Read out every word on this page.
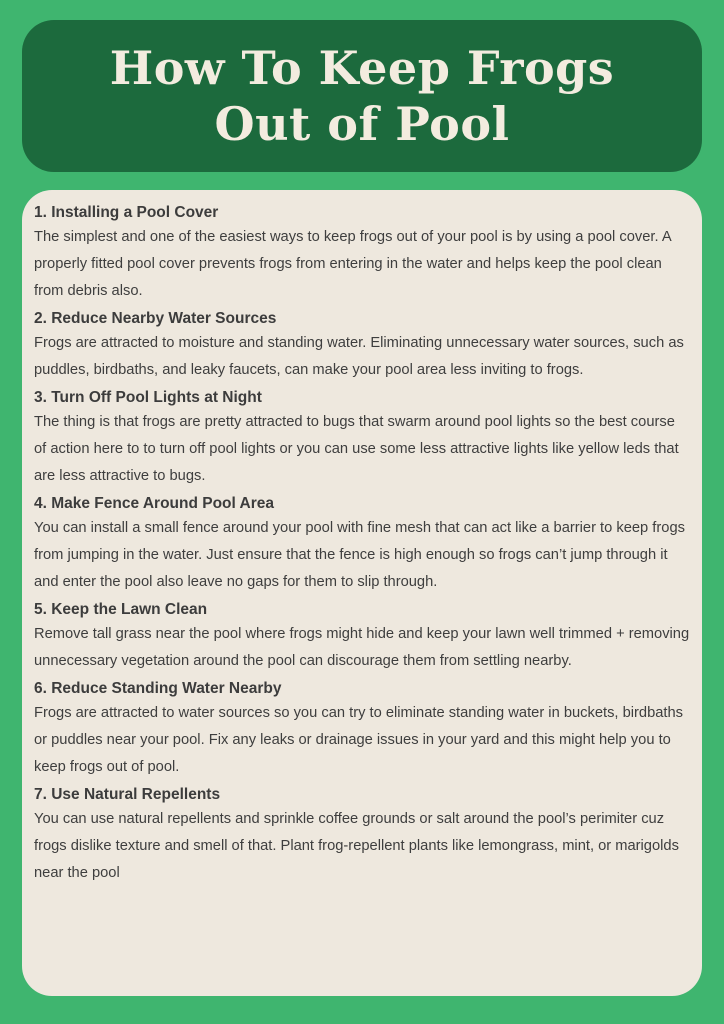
How To Keep Frogs
Out of Pool

1. Installing a Pool Cover

The simplest and one of the easiest ways to keep frogs out of your pool is by using a pool cover. A properly fitted pool cover prevents frogs from entering in the water and helps keep the pool clean from debris also.

2. Reduce Nearby Water Sources

Frogs are attracted to moisture and standing water. Eliminating unnecessary water sources, such as puddles, birdbaths, and leaky faucets, can make your pool area less inviting to frogs.

3. Turn Off Pool Lights at Night

The thing is that frogs are pretty attracted to bugs that swarm around pool lights so the best course of action here to to turn off pool lights or you can use some less attractive lights like yellow leds that are less attractive to bugs.

4. Make Fence Around Pool Area

You can install a small fence around your pool with fine mesh that can act like a barrier to keep frogs from jumping in the water. Just ensure that the fence is high enough so frogs can’t jump through it and enter the pool also leave no gaps for them to slip through.

5. Keep the Lawn Clean

Remove tall grass near the pool where frogs might hide and keep your lawn well trimmed + removing unnecessary vegetation around the pool can discourage them from settling nearby.

6. Reduce Standing Water Nearby

Frogs are attracted to water sources so you can try to eliminate standing water in buckets, birdbaths or puddles near your pool. Fix any leaks or drainage issues in your yard and this might help you to keep frogs out of pool.

7. Use Natural Repellents

You can use natural repellents and sprinkle coffee grounds or salt around the pool’s perimiter cuz frogs dislike texture and smell of that. Plant frog-repellent plants like lemongrass, mint, or marigolds near the pool
